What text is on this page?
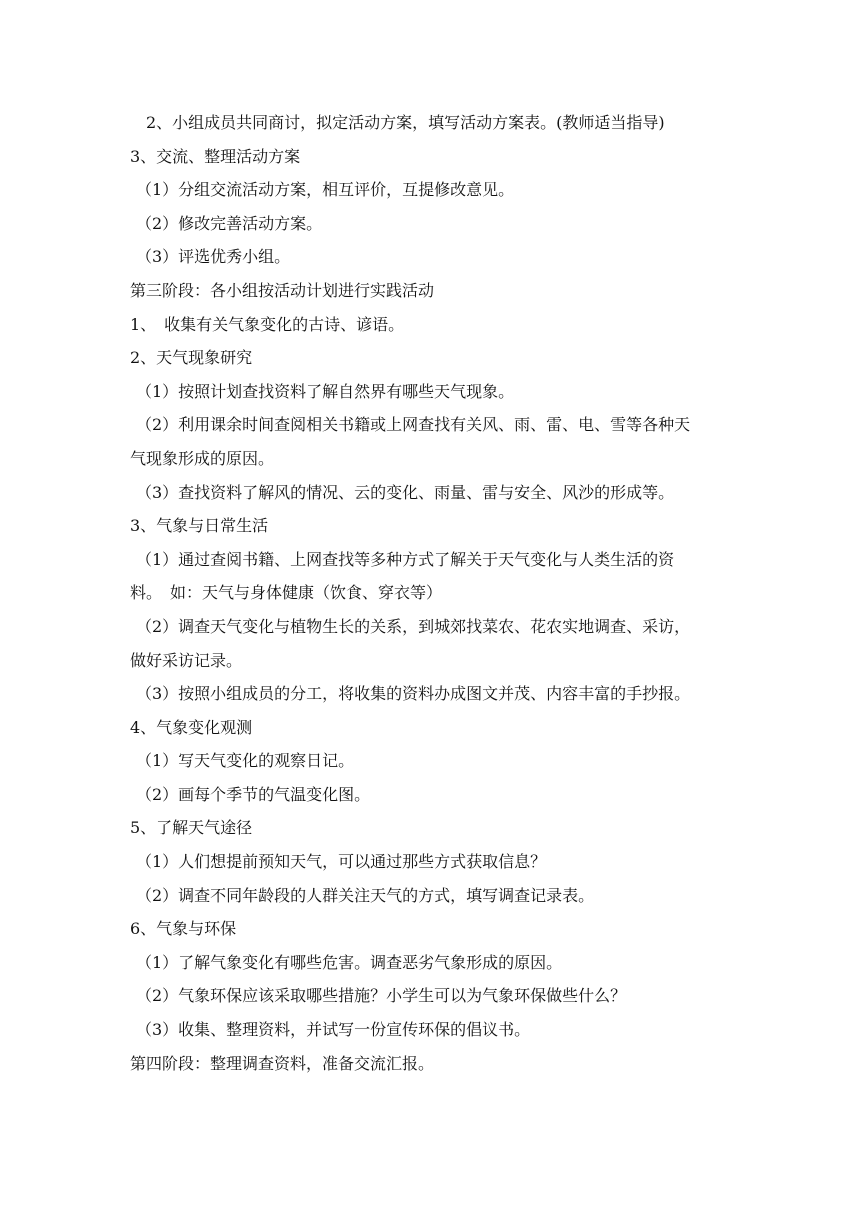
2、小组成员共同商讨，拟定活动方案，填写活动方案表。(教师适当指导)

3、交流、整理活动方案

（1）分组交流活动方案，相互评价，互提修改意见。

（2）修改完善活动方案。

（3）评选优秀小组。

第三阶段：各小组按活动计划进行实践活动

1、　收集有关气象变化的古诗、谚语。

2、天气现象研究

（1）按照计划查找资料了解自然界有哪些天气现象。

（2）利用课余时间查阅相关书籍或上网查找有关风、雨、雷、电、雪等各种天

气现象形成的原因。

（3）查找资料了解风的情况、云的变化、雨量、雷与安全、风沙的形成等。

3、气象与日常生活

（1）通过查阅书籍、上网查找等多种方式了解关于天气变化与人类生活的资

料。　如：天气与身体健康（饮食、穿衣等）

（2）调查天气变化与植物生长的关系，到城郊找菜农、花农实地调查、采访，

做好采访记录。

（3）按照小组成员的分工，将收集的资料办成图文并茂、内容丰富的手抄报。

4、气象变化观测

（1）写天气变化的观察日记。

（2）画每个季节的气温变化图。

5、了解天气途径

（1）人们想提前预知天气，可以通过那些方式获取信息？

（2）调查不同年龄段的人群关注天气的方式，填写调查记录表。

6、气象与环保

（1）了解气象变化有哪些危害。调查恶劣气象形成的原因。

（2）气象环保应该采取哪些措施？小学生可以为气象环保做些什么？

（3）收集、整理资料，并试写一份宣传环保的倡议书。

第四阶段：整理调查资料，准备交流汇报。
